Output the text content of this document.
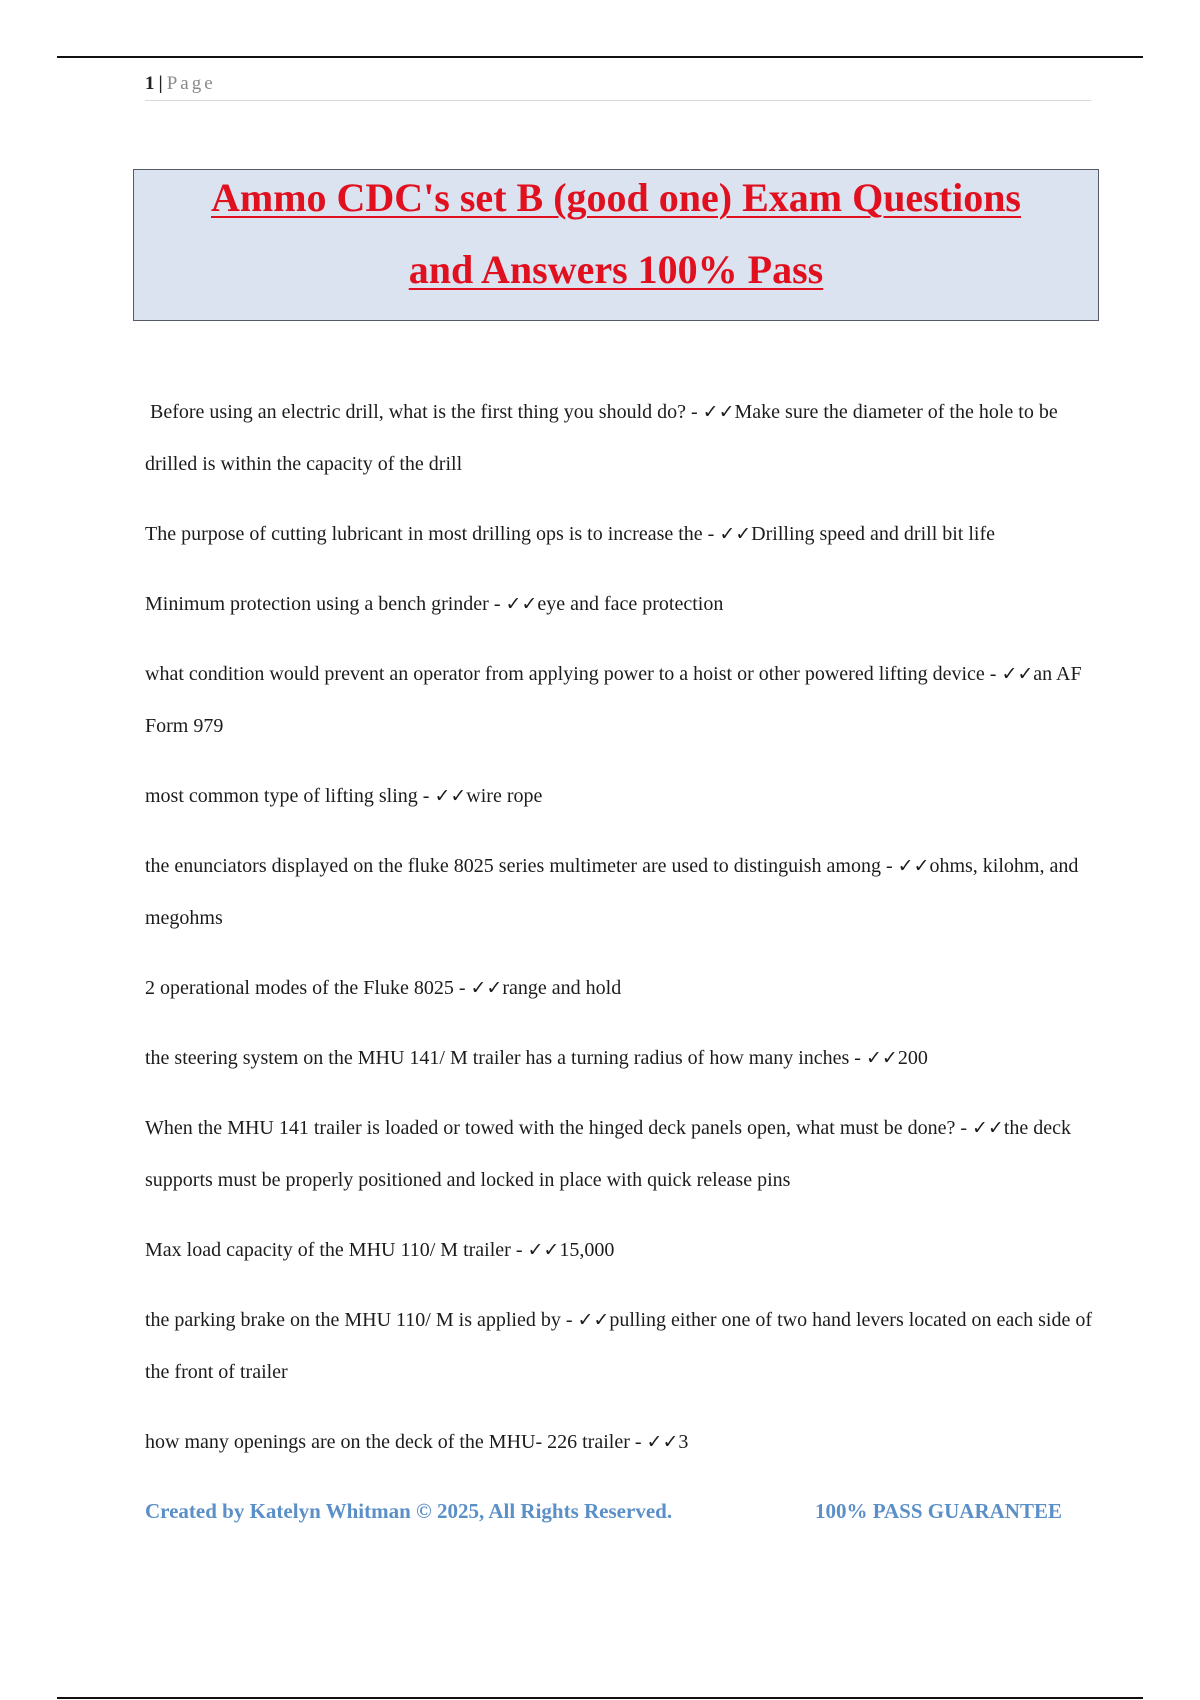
1 | Page
Ammo CDC's set B (good one) Exam Questions
and Answers 100% Pass
Before using an electric drill, what is the first thing you should do? - ✓✓Make sure the diameter of the hole to be drilled is within the capacity of the drill
The purpose of cutting lubricant in most drilling ops is to increase the - ✓✓Drilling speed and drill bit life
Minimum protection using a bench grinder - ✓✓eye and face protection
what condition would prevent an operator from applying power to a hoist or other powered lifting device - ✓✓an AF Form 979
most common type of lifting sling - ✓✓wire rope
the enunciators displayed on the fluke 8025 series multimeter are used to distinguish among - ✓✓ohms, kilohm, and megohms
2 operational modes of the Fluke 8025 - ✓✓range and hold
the steering system on the MHU 141/ M trailer has a turning radius of how many inches - ✓✓200
When the MHU 141 trailer is loaded or towed with the hinged deck panels open, what must be done? - ✓✓the deck supports must be properly positioned and locked in place with quick release pins
Max load capacity of the MHU 110/ M trailer - ✓✓15,000
the parking brake on the MHU 110/ M is applied by - ✓✓pulling either one of two hand levers located on each side of the front of trailer
how many openings are on the deck of the MHU- 226 trailer - ✓✓3
Created by Katelyn Whitman © 2025, All Rights Reserved.	100% PASS GUARANTEE
